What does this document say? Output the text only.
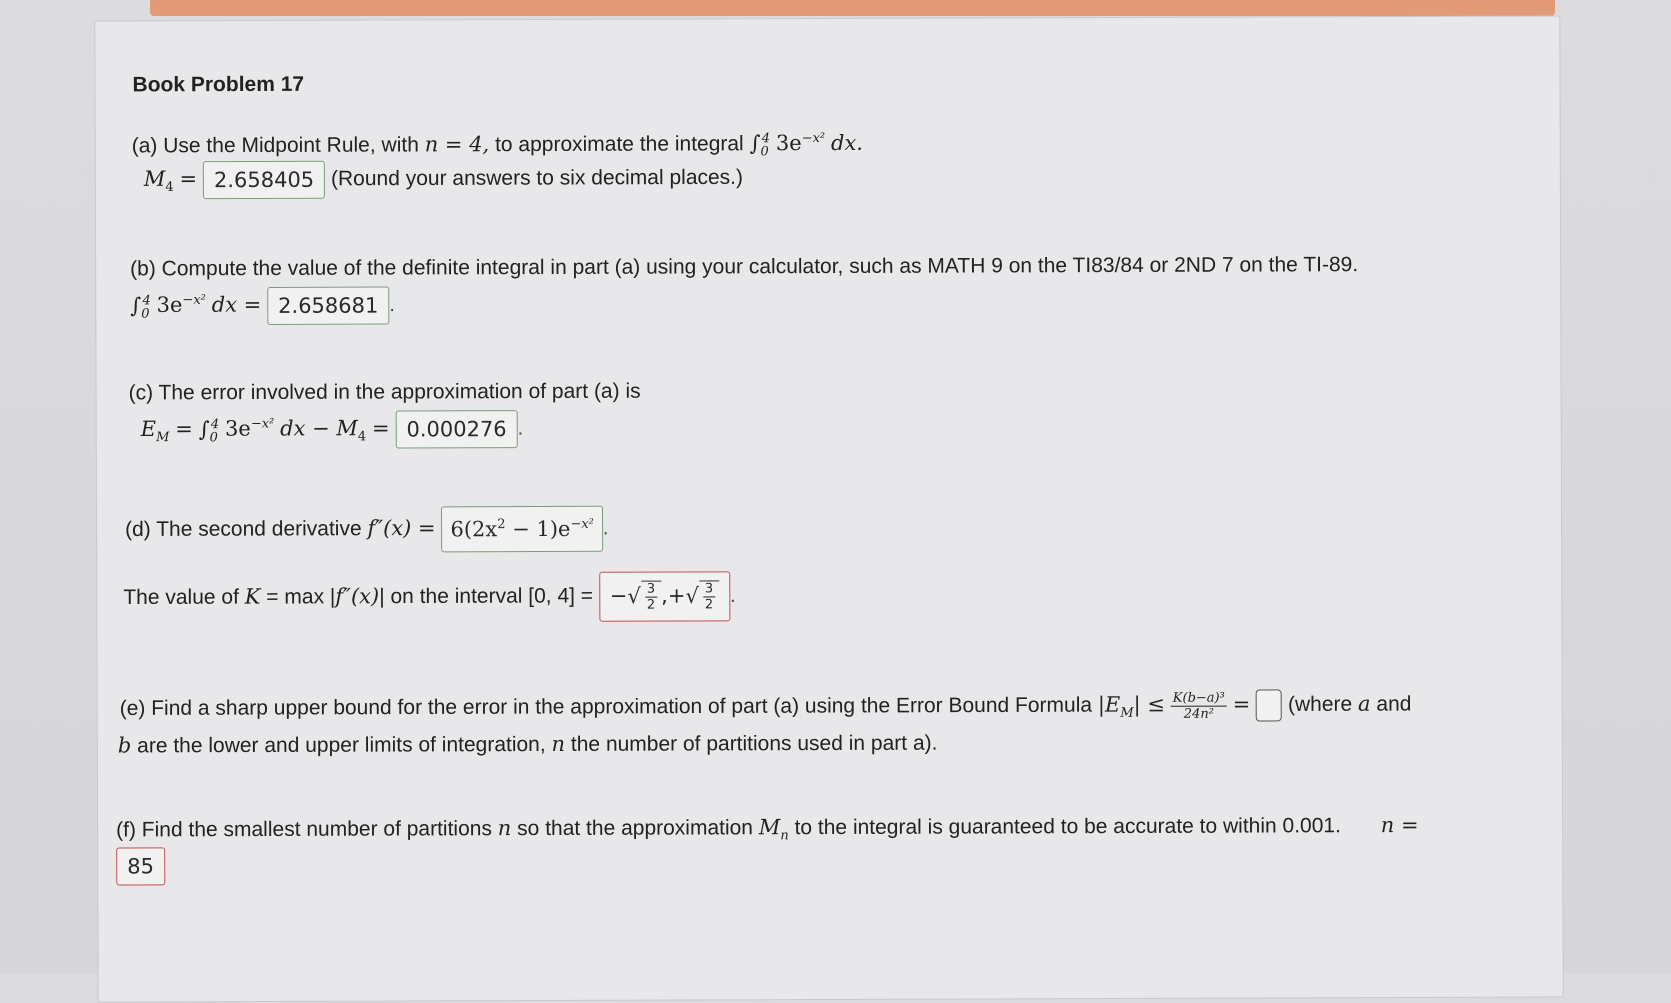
Book Problem 17
(a) Use the Midpoint Rule, with n = 4, to approximate the integral $\int_0^4$ $3e^{-x^2}$ dx.
$M_4 = 2.658405$ (Round your answers to six decimal places.)
(b) Compute the value of the definite integral in part (a) using your calculator, such as MATH 9 on the TI83/84 or 2ND 7 on the TI-89.
$\int_0^4$ $3e^{-x^2}$ dx = 2.658681 .
(c) The error involved in the approximation of part (a) is
$E_M = \int_0^4$ $3e^{-x^2}$ dx − $M_4 = 0.000276$ .
(d) The second derivative $f''(x) = 6(2x^2 - 1)e^{-x^2}$ .
The value of K = max |f″(x)| on the interval [0, 4] = −√ $\frac{3}{2}$ ,+√ $\frac{3}{2}$ .
(e) Find a sharp upper bound for the error in the approximation of part (a) using the Error Bound Formula $|E_M| \le \frac{\text{K(b−a)³}}{\text{24n²}}$ = (where a and
b are the lower and upper limits of integration, n the number of partitions used in part a).
(f) Find the smallest number of partitions n so that the approximation $M_n$ to the integral is guaranteed to be accurate to within 0.001. n =
85
